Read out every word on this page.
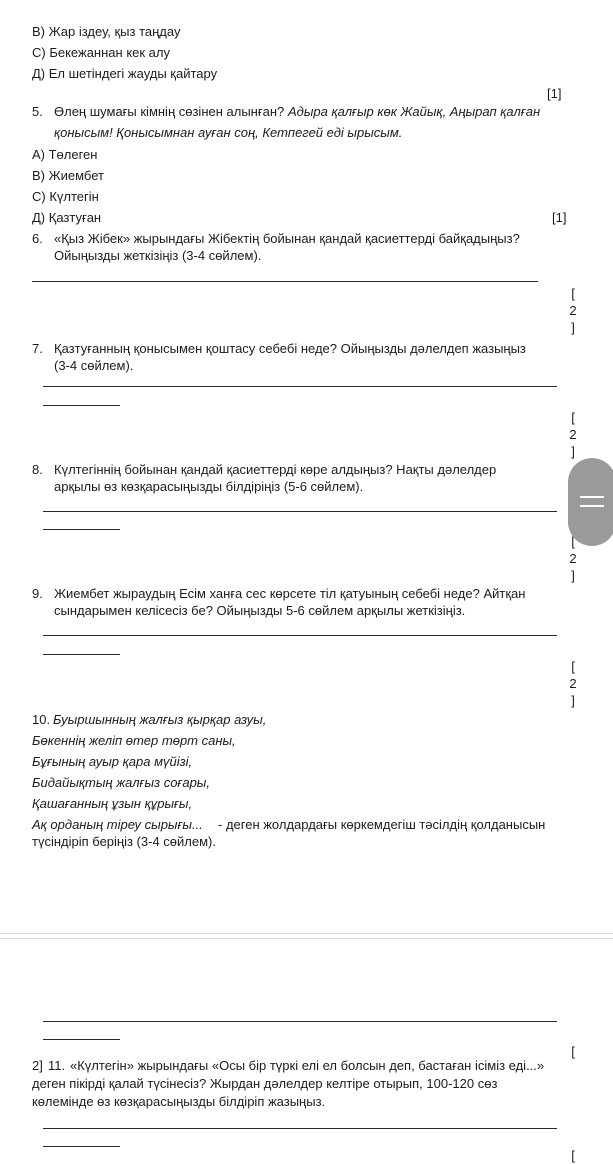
B) Жар іздеу, қыз таңдау
С) Бекежаннан кек алу
Д) Ел шетіндегі жауды қайтару
[1]
5. Өлең шумағы кімнің сөзінен алынған? Адыра қалғыр көк Жайық, Аңырап қалған
қонысым! Қонысымнан ауған соң, Кетпегей еді ырысым.
А) Төлеген
В) Жиембет
С) Күлтегін
Д) Қазтуған	[1]
6. «Қыз Жібек» жырындағы Жібектің бойынан қандай қасиеттерді байқадыңыз?
Ойыңызды жеткізіңіз (3-4 сөйлем).
[
2
]
7. Қазтуғанның қонысымен қоштасу себебі неде? Ойыңызды дәлелдеп жазыңыз
(3-4 сөйлем).
[
2
]
8. Күлтегіннің бойынан қандай қасиеттерді көре алдыңыз? Нақты дәлелдер
арқылы өз көзқарасыңызды білдіріңіз (5-6 сөйлем).
[
2
]
9. Жиембет жыраудың Есім ханға сес көрсете тіл қатуының себебі неде? Айтқан
сындарымен келісесіз бе? Ойыңызды 5-6 сөйлем арқылы жеткізіңіз.
[
2
]
10. Буыршынның жалғыз қырқар азуы,
Бөкеннің желіп өтер төрт саны,
Бұғының ауыр қара мүйізі,
Бидайықтың жалғыз соғары,
Қашағанның ұзын құрығы,
Ақ орданың тіреу сырығы... - деген жолдардағы көркемдегіш тәсілдің қолданысын
түсіндіріп беріңіз (3-4 сөйлем).
[
2] 11. «Күлтегін» жырындағы «Осы бір түркі елі ел болсын деп, бастаған ісіміз еді...»
деген пікірді қалай түсінесіз? Жырдан дәлелдер келтіре отырып, 100-120 сөз
көлемінде өз көзқарасыңызды білдіріп жазыңыз.
[
